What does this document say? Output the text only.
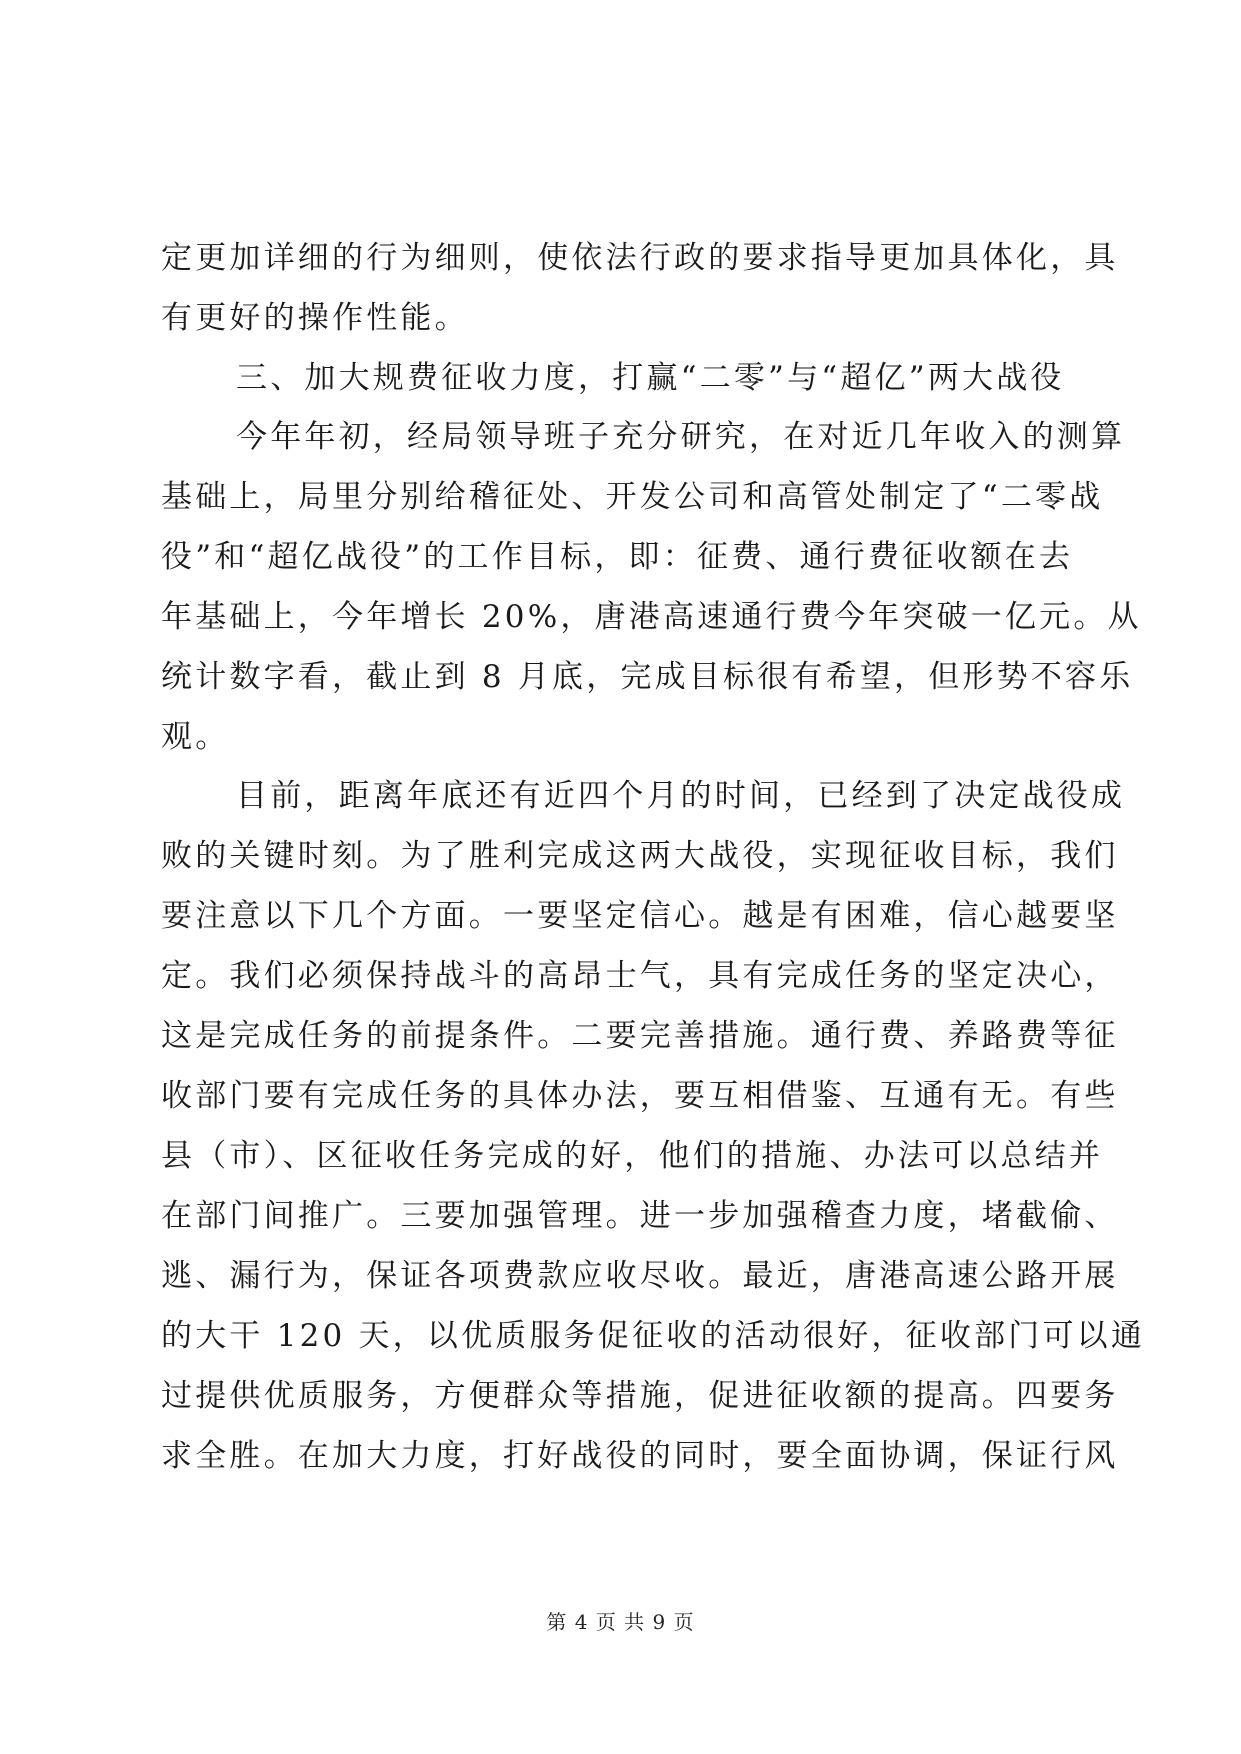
定更加详细的行为细则，使依法行政的要求指导更加具体化，具
有更好的操作性能。
三、加大规费征收力度，打赢“二零”与“超亿”两大战役
今年年初，经局领导班子充分研究，在对近几年收入的测算
基础上，局里分别给稽征处、开发公司和高管处制定了“二零战
役”和“超亿战役”的工作目标，即：征费、通行费征收额在去
年基础上，今年增长 20%，唐港高速通行费今年突破一亿元。从
统计数字看，截止到 8 月底，完成目标很有希望，但形势不容乐
观。
目前，距离年底还有近四个月的时间，已经到了决定战役成
败的关键时刻。为了胜利完成这两大战役，实现征收目标，我们
要注意以下几个方面。一要坚定信心。越是有困难，信心越要坚
定。我们必须保持战斗的高昂士气，具有完成任务的坚定决心，
这是完成任务的前提条件。二要完善措施。通行费、养路费等征
收部门要有完成任务的具体办法，要互相借鉴、互通有无。有些
县（市）、区征收任务完成的好，他们的措施、办法可以总结并
在部门间推广。三要加强管理。进一步加强稽查力度，堵截偷、
逃、漏行为，保证各项费款应收尽收。最近，唐港高速公路开展
的大干 120 天，以优质服务促征收的活动很好，征收部门可以通
过提供优质服务，方便群众等措施，促进征收额的提高。四要务
求全胜。在加大力度，打好战役的同时，要全面协调，保证行风
第 4 页 共 9 页
